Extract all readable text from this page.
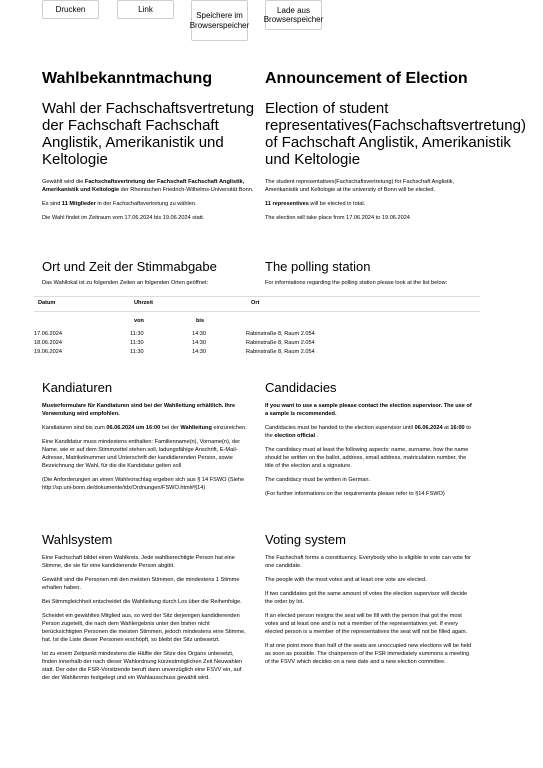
Drucken	Link
Speichere im Browserspeicher
Lade aus Browserspeicher
Wahlbekanntmachung
Wahl der Fachschaftsvertretung der Fachschaft Fachschaft Anglistik, Amerikanistik und Keltologie

Gewählt wird die Fachschaftsvertretung der Fachschaft Fachschaft Anglistik, Amerikanistik und Keltologie der Rheinischen Friedrich-Wilhelms-Universität Bonn.

Es sind 11 Mitglieder in der Fachschaftsvertretung zu wählen.

Die Wahl findet im Zeitraum vom 17.06.2024 bis 19.06.2024 statt.

Announcement of Election
Election of student representatives(Fachschaftsvertretung) of Fachschaft Anglistik, Amerikanistik und Keltologie

The student representatives(Fachschaftsvertretung) for Fachschaft Anglistik, Amerikanistik und Keltologie at the university of Bonn will be elected.

11 representives will be elected in total.

The election will take place from 17.06.2024 to 19.06.2024

Ort und Zeit der Stimmabgabe

Das Wahllokal ist zu folgenden Zeiten an folgenden Orten geöffnet:

The polling station

For informations regarding the polling station please look at the list below:

Datum	Uhrzeit	Ort
von	bis
17.06.2024	11:30	14:30	Rabinstraße 8, Raum 2.054
18.06.2024	11:30	14:30	Rabinstraße 8, Raum 2.054
19.06.2024	11:30	14:30	Rabinstraße 8, Raum 2.054
Kandiaturen

Musterformulare für Kandiaturen sind bei der Wahlleitung erhältlich. Ihre Verwendung wird empfohlen.

Kandiaturen sind bis zum 06.06.2024 um 16:00 bei der Wahlleitung einzureichen.

Eine Kandidatur muss mindestens enthalten: Familienname(n), Vorname(n), der Name, wie er auf dem Stimmzettel stehen soll, ladungsfähige Anschrift, E-Mail-Adresse, Matrikelnummer und Unterschrift der kandidierenden Person, sowie Bezeichnung der Wahl, für die die Kandidatur gelten soll

(Die Anforderungen an einen Wahlvorschlag ergeben sich aus § 14 FSWO (Siehe http://sp.uni-bonn.de/dokumente/idx/Ordnungen/FSWO.html#§14)

Candidacies

If you want to use a sample please contact the election supervisor. The use of a sample is recommended.

Candidacies must be handed to the election supervisor until 06.06.2024 at 16:00 to the election official .

The candidacy must at least the following aspects: name, surname, how the name should be written on the ballot, address, email address, matriculation number, the title of the election and a signature.

The candidacy must be written in German.

(For further informations on the requirements please refer to §14 FSWO)

Wahlsystem

Eine Fachschaft bildet einen Wahlkreis. Jede wahlberechtigte Person hat eine Stimme, die sie für eine kandidierende Person abgibt.

Gewählt sind die Personen mit den meisten Stimmen, die mindestens 1 Stimme erhalten haben.

Bei Stimmgleichheit entscheidet die Wahlleitung durch Los über die Reihenfolge.

Scheidet ein gewähltes Mitglied aus, so wird der Sitz derjenigen kandidierenden Person zugeteilt, die nach dem Wahlergebnis unter den bisher nicht berücksichtigten Personen die meisten Stimmen, jedoch mindestens eine Stimme, hat. Ist die Liste dieser Personen erschöpft, so bleibt der Sitz unbesetzt.

Ist zu einem Zeitpunkt mindestens die Hälfte der Sitze des Organs unbesetzt, finden innerhalb der nach dieser Wahlordnung kürzestmöglichen Zeit Neuwahlen statt. Der oder die FSR-Vorsitzende beruft dann unverzüglich eine FSVV ein, auf der der Wahltermin festgelegt und ein Wahlausschuss gewählt wird.

Voting system

The Fachschaft forms a constituency. Everybody who is eligible to vote can vote for one candidate.

The people with the most votes and at least one vote are elected.

If two candidates got the same amount of votes the election supervisor will decide the order by lot.

If an elected person resigns the seat will be fill with the person that got the most votes and at least one and is not a member of the representatives yet. If every elected person is a member of the representatives the seat will not be filled again.

If at one point more than half of the seats are unoccupied new elections will be held as soon as possible. The chairperson of the FSR immediately summons a meeting of the FSVV which decides on a new date and a new election committee.
